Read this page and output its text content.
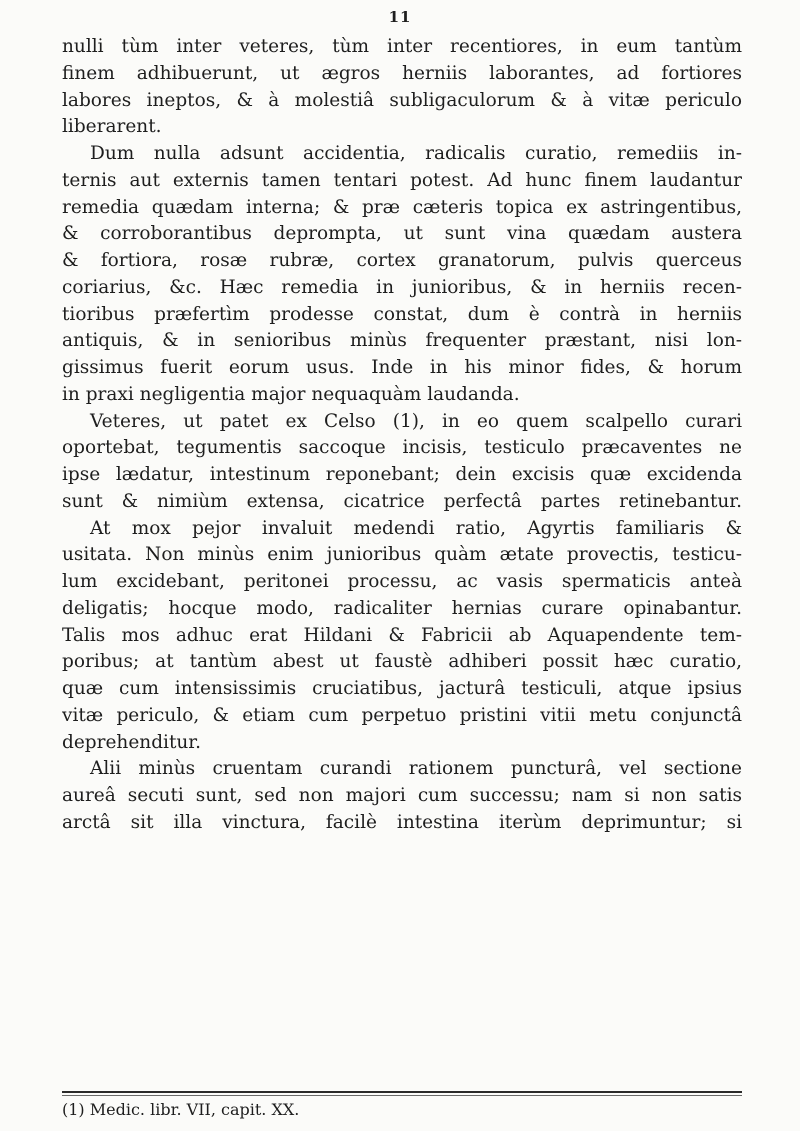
11
nulli tùm inter veteres, tùm inter recentiores, in eum tantùm
finem adhibuerunt, ut ægros herniis laborantes, ad fortiores
labores ineptos, & à molestiâ subligaculorum & à vitæ periculo
liberarent.
Dum nulla adsunt accidentia, radicalis curatio, remediis in-
ternis aut externis tamen tentari potest. Ad hunc finem laudantur
remedia quædam interna; & præ cæteris topica ex astringentibus,
& corroborantibus deprompta, ut sunt vina quædam austera
& fortiora, rosæ rubræ, cortex granatorum, pulvis querceus
coriarius, &c. Hæc remedia in junioribus, & in herniis recen-
tioribus præfertìm prodesse constat, dum è contrà in herniis
antiquis, & in senioribus minùs frequenter præstant, nisi lon-
gissimus fuerit eorum usus. Inde in his minor fides, & horum
in praxi negligentia major nequaquàm laudanda.
Veteres, ut patet ex Celso (1), in eo quem scalpello curari
oportebat, tegumentis saccoque incisis, testiculo præcaventes ne
ipse lædatur, intestinum reponebant; dein excisis quæ excidenda
sunt & nimiùm extensa, cicatrice perfectâ partes retinebantur.
At mox pejor invaluit medendi ratio, Agyrtis familiaris &
usitata. Non minùs enim junioribus quàm ætate provectis, testicu-
lum excidebant, peritonei processu, ac vasis spermaticis anteà
deligatis; hocque modo, radicaliter hernias curare opinabantur.
Talis mos adhuc erat Hildani & Fabricii ab Aquapendente tem-
poribus; at tantùm abest ut faustè adhiberi possit hæc curatio,
quæ cum intensissimis cruciatibus, jacturâ testiculi, atque ipsius
vitæ periculo, & etiam cum perpetuo pristini vitii metu conjunctâ
deprehenditur.
Alii minùs cruentam curandi rationem puncturâ, vel sectione
aureâ secuti sunt, sed non majori cum successu; nam si non satis
arctâ sit illa vinctura, facilè intestina iterùm deprimuntur; si
(1) Medic. libr. VII, capit. XX.
